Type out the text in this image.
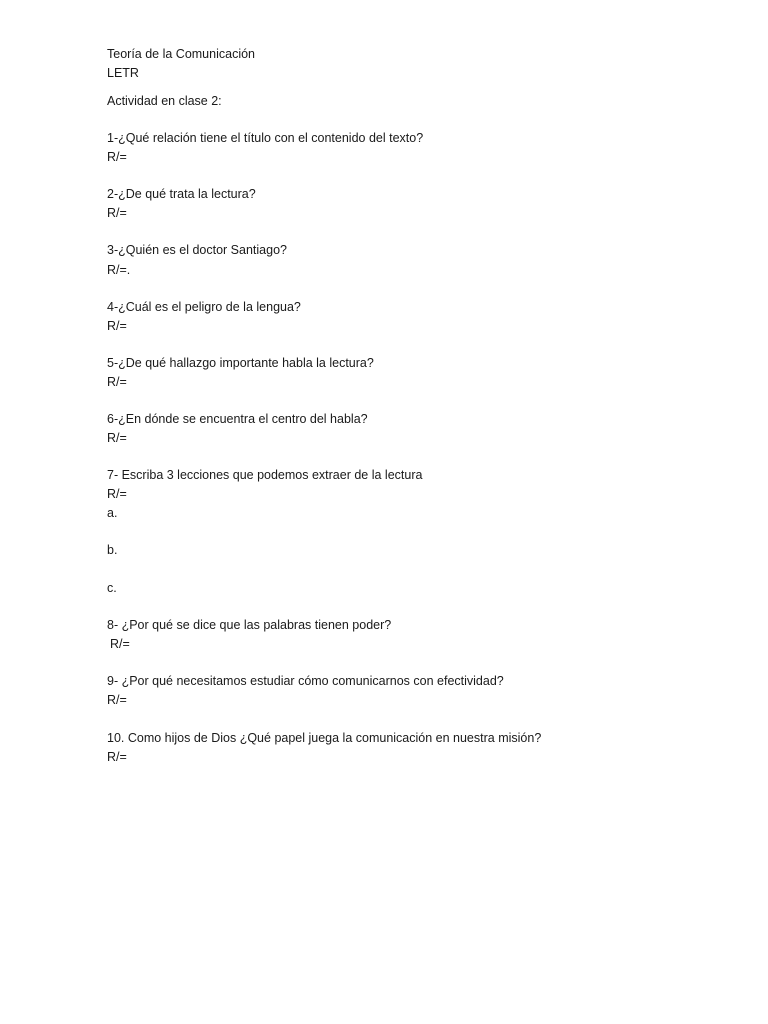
Teoría de la Comunicación
LETR
Actividad en clase 2:
1-¿Qué relación tiene el título con el contenido del texto?
R/=
2-¿De qué trata la lectura?
R/=
3-¿Quién es el doctor Santiago?
R/=.
4-¿Cuál es el peligro de la lengua?
R/=
5-¿De qué hallazgo importante habla la lectura?
R/=
6-¿En dónde se encuentra el centro del habla?
R/=
7- Escriba 3 lecciones que podemos extraer de la lectura
R/=
a.
b.
c.
8- ¿Por qué se dice que las palabras tienen poder?
R/=
9- ¿Por qué necesitamos estudiar cómo comunicarnos con efectividad?
R/=
10. Como hijos de Dios ¿Qué papel juega la comunicación en nuestra misión?
R/=
